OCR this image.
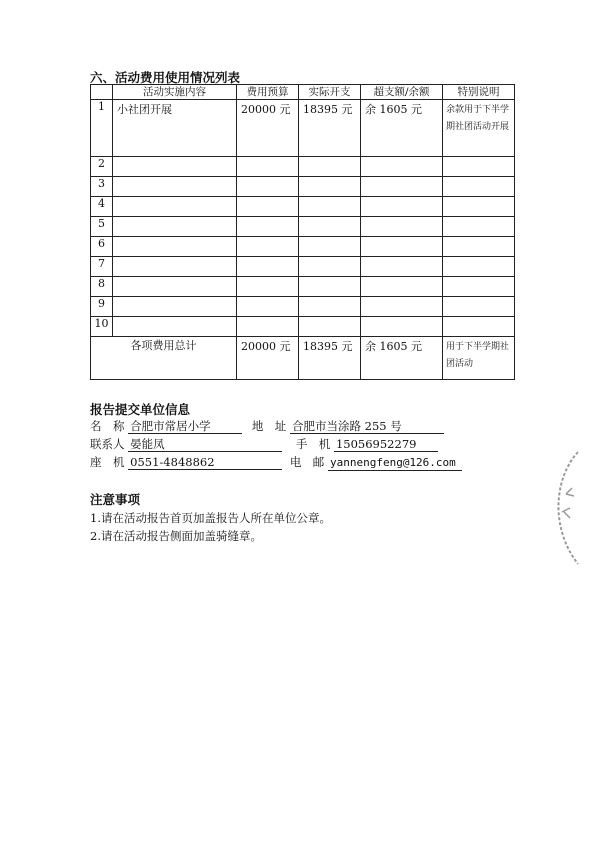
六、活动费用使用情况列表
	活动实施内容	费用预算	实际开支	超支额/余额	特别说明
1	小社团开展	20000 元	18395 元	余 1605 元	余款用于下半学期社团活动开展

2	

3	

4	

5	

6	

7	

8	

9	

10	

各项费用总计		20000 元	18395 元	余 1605 元	用于下半学期社团活动
报告提交单位信息
名　称 合肥市常居小学	地　址 合肥市当涂路 255 号
联系人 晏能凤	手　机 15056952279
座　机 0551-4848862	电　邮 yannengfeng@126.com
注意事项
1.请在活动报告首页加盖报告人所在单位公章。
2.请在活动报告侧面加盖骑缝章。
